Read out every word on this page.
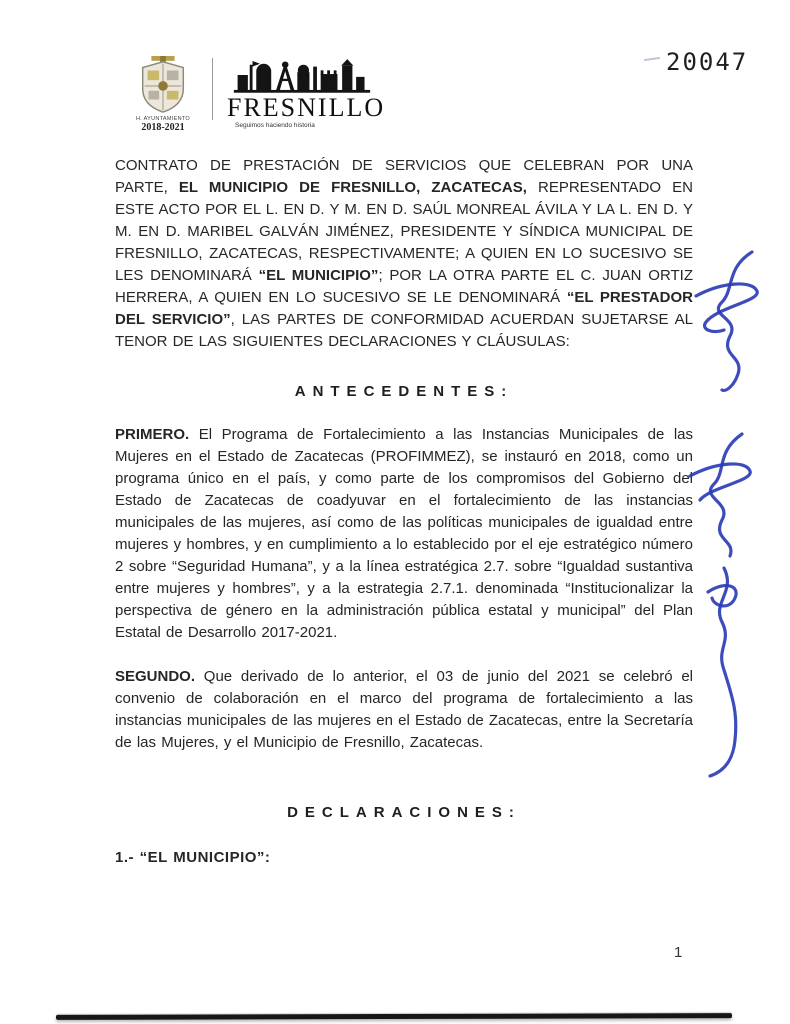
20047
H. AYUNTAMIENTO
2018-2021
FRESNILLO
Seguimos haciendo historia

CONTRATO DE PRESTACIÓN DE SERVICIOS QUE CELEBRAN POR UNA PARTE, EL MUNICIPIO DE FRESNILLO, ZACATECAS, REPRESENTADO EN ESTE ACTO POR EL L. EN D. Y M. EN D. SAÚL MONREAL ÁVILA Y LA L. EN D. Y M. EN D. MARIBEL GALVÁN JIMÉNEZ, PRESIDENTE Y SÍNDICA MUNICIPAL DE FRESNILLO, ZACATECAS, RESPECTIVAMENTE; A QUIEN EN LO SUCESIVO SE LES DENOMINARÁ “EL MUNICIPIO”; POR LA OTRA PARTE EL C. JUAN ORTIZ HERRERA, A QUIEN EN LO SUCESIVO SE LE DENOMINARÁ “EL PRESTADOR DEL SERVICIO”, LAS PARTES DE CONFORMIDAD ACUERDAN SUJETARSE AL TENOR DE LAS SIGUIENTES DECLARACIONES Y CLÁUSULAS:

ANTECEDENTES:

PRIMERO. El Programa de Fortalecimiento a las Instancias Municipales de las Mujeres en el Estado de Zacatecas (PROFIMMEZ), se instauró en 2018, como un programa único en el país, y como parte de los compromisos del Gobierno del Estado de Zacatecas de coadyuvar en el fortalecimiento de las instancias municipales de las mujeres, así como de las políticas municipales de igualdad entre mujeres y hombres, y en cumplimiento a lo establecido por el eje estratégico número 2 sobre “Seguridad Humana”, y a la línea estratégica 2.7. sobre “Igualdad sustantiva entre mujeres y hombres”, y a la estrategia 2.7.1. denominada “Institucionalizar la perspectiva de género en la administración pública estatal y municipal” del Plan Estatal de Desarrollo 2017-2021.

SEGUNDO. Que derivado de lo anterior, el 03 de junio del 2021 se celebró el convenio de colaboración en el marco del programa de fortalecimiento a las instancias municipales de las mujeres en el Estado de Zacatecas, entre la Secretaría de las Mujeres, y el Municipio de Fresnillo, Zacatecas.

DECLARACIONES:

1.- “EL MUNICIPIO”:

1
